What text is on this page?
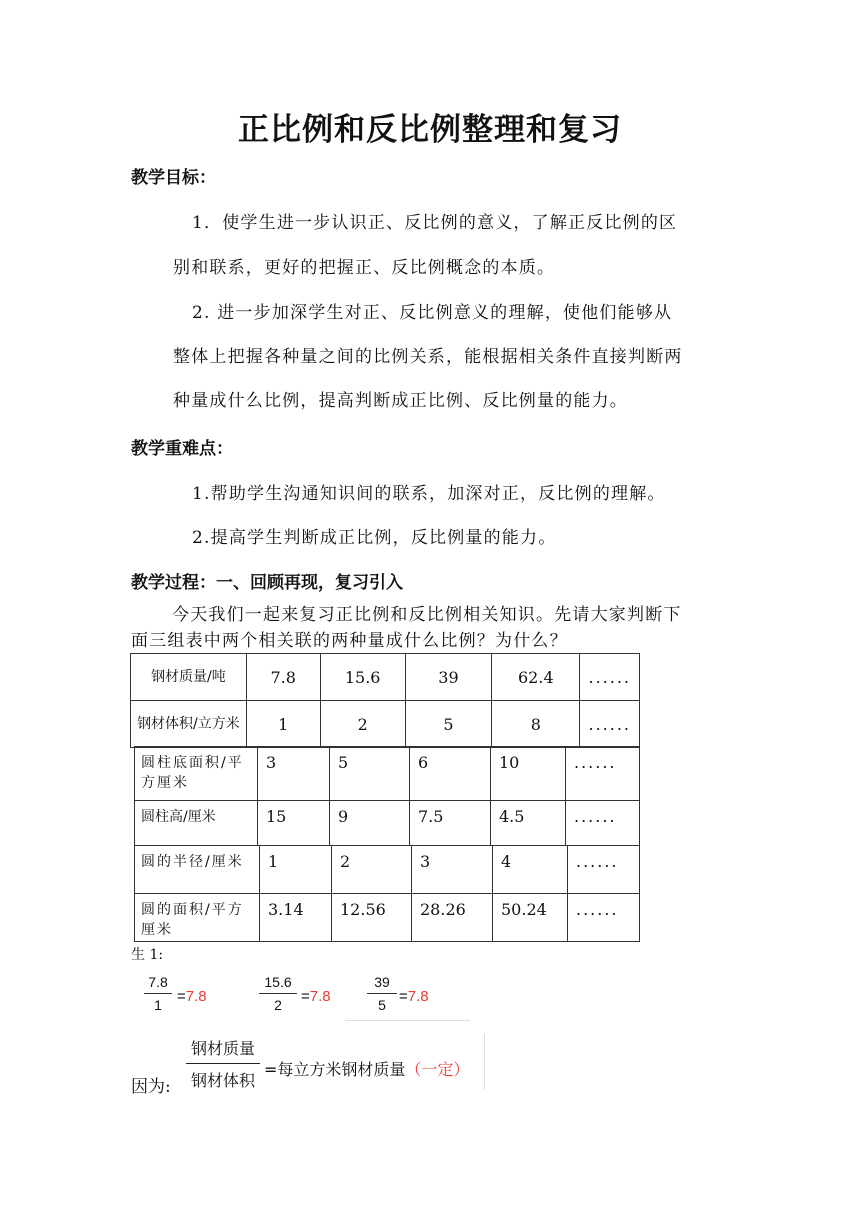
正比例和反比例整理和复习
教学目标：
1．使学生进一步认识正、反比例的意义，了解正反比例的区
别和联系，更好的把握正、反比例概念的本质。
2. 进一步加深学生对正、反比例意义的理解，使他们能够从
整体上把握各种量之间的比例关系，能根据相关条件直接判断两
种量成什么比例，提高判断成正比例、反比例量的能力。
教学重难点：
1.帮助学生沟通知识间的联系，加深对正，反比例的理解。
2.提高学生判断成正比例，反比例量的能力。
教学过程：一、回顾再现，复习引入
今天我们一起来复习正比例和反比例相关知识。先请大家判断下
面三组表中两个相关联的两种量成什么比例？为什么？
钢材质量/吨	7.8	15.6	39	62.4	......
钢材体积/立方米	1	2	5	8	......
圆柱底面积/平方厘米	3	5	6	10	......
圆柱高/厘米	15	9	7.5	4.5	......
圆的半径/厘米	1	2	3	4	......
圆的面积/平方厘米	3.14	12.56	28.26	50.24	......
生 1:
7.8
1	=7.8
15.6
2	=7.8
39
5 =7.8
因为:
钢材质量
钢材体积
=每立方米钢材质量（一定）
